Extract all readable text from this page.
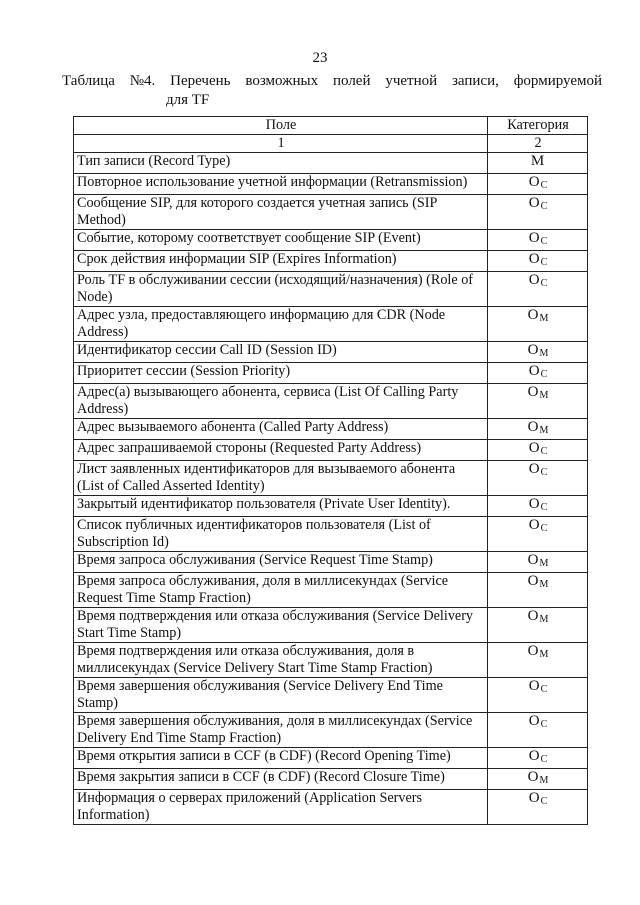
23
Таблица №4. Перечень возможных полей учетной записи, формируемой
для TF
Поле	Категория
1	2
Тип записи (Record Type)	M
Повторное использование учетной информации (Retransmission)	OC
Сообщение SIP, для которого создается учетная запись (SIP Method)	OC
Событие, которому соответствует сообщение SIP (Event)	OC
Срок действия информации SIP (Expires Information)	OC
Роль TF в обслуживании сессии (исходящий/назначения) (Role of Node)	OC
Адрес узла, предоставляющего информацию для CDR (Node Address)	OM
Идентификатор сессии Call ID (Session ID)	OM
Приоритет сессии (Session Priority)	OC
Адрес(а) вызывающего абонента, сервиса (List Of Calling Party Address)	OM
Адрес вызываемого абонента (Called Party Address)	OM
Адрес запрашиваемой стороны (Requested Party Address)	OC
Лист заявленных идентификаторов для вызываемого абонента (List of Called Asserted Identity)	OC
Закрытый идентификатор пользователя (Private User Identity).	OC
Список публичных идентификаторов пользователя (List of Subscription Id)	OC
Время запроса обслуживания (Service Request Time Stamp)	OM
Время запроса обслуживания, доля в миллисекундах (Service Request Time Stamp Fraction)	OM
Время подтверждения или отказа обслуживания (Service Delivery Start Time Stamp)	OM
Время подтверждения или отказа обслуживания, доля в миллисекундах (Service Delivery Start Time Stamp Fraction)	OM
Время завершения обслуживания (Service Delivery End Time Stamp)	OC
Время завершения обслуживания, доля в миллисекундах (Service Delivery End Time Stamp Fraction)	OC
Время открытия записи в CCF (в CDF) (Record Opening Time)	OC
Время закрытия записи в CCF (в CDF) (Record Closure Time)	OM
Информация о серверах приложений (Application Servers Information)	OC
